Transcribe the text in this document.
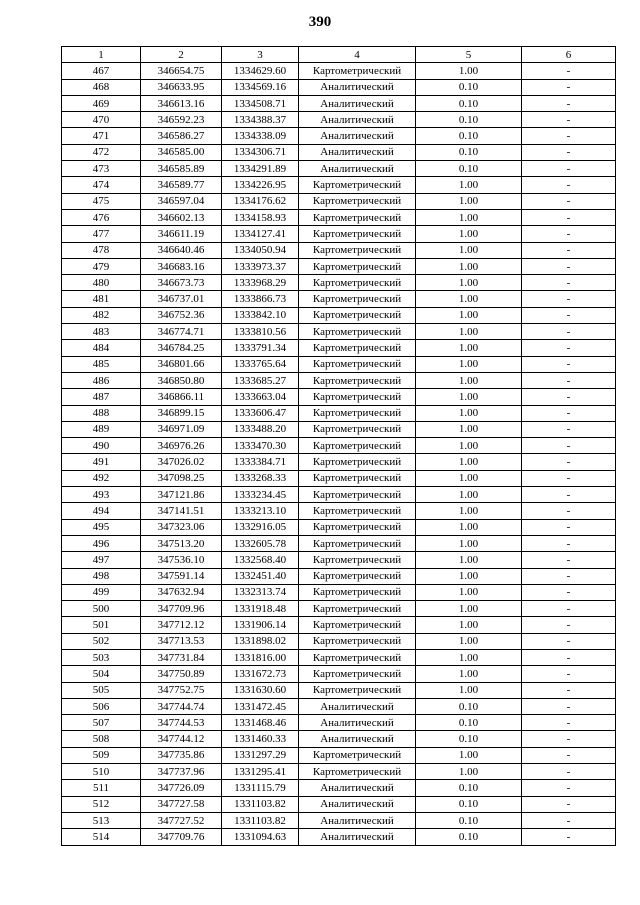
390
1	2	3	4	5	6
467	346654.75	1334629.60	Картометрический	1.00	-
468	346633.95	1334569.16	Аналитический	0.10	-
469	346613.16	1334508.71	Аналитический	0.10	-
470	346592.23	1334388.37	Аналитический	0.10	-
471	346586.27	1334338.09	Аналитический	0.10	-
472	346585.00	1334306.71	Аналитический	0.10	-
473	346585.89	1334291.89	Аналитический	0.10	-
474	346589.77	1334226.95	Картометрический	1.00	-
475	346597.04	1334176.62	Картометрический	1.00	-
476	346602.13	1334158.93	Картометрический	1.00	-
477	346611.19	1334127.41	Картометрический	1.00	-
478	346640.46	1334050.94	Картометрический	1.00	-
479	346683.16	1333973.37	Картометрический	1.00	-
480	346673.73	1333968.29	Картометрический	1.00	-
481	346737.01	1333866.73	Картометрический	1.00	-
482	346752.36	1333842.10	Картометрический	1.00	-
483	346774.71	1333810.56	Картометрический	1.00	-
484	346784.25	1333791.34	Картометрический	1.00	-
485	346801.66	1333765.64	Картометрический	1.00	-
486	346850.80	1333685.27	Картометрический	1.00	-
487	346866.11	1333663.04	Картометрический	1.00	-
488	346899.15	1333606.47	Картометрический	1.00	-
489	346971.09	1333488.20	Картометрический	1.00	-
490	346976.26	1333470.30	Картометрический	1.00	-
491	347026.02	1333384.71	Картометрический	1.00	-
492	347098.25	1333268.33	Картометрический	1.00	-
493	347121.86	1333234.45	Картометрический	1.00	-
494	347141.51	1333213.10	Картометрический	1.00	-
495	347323.06	1332916.05	Картометрический	1.00	-
496	347513.20	1332605.78	Картометрический	1.00	-
497	347536.10	1332568.40	Картометрический	1.00	-
498	347591.14	1332451.40	Картометрический	1.00	-
499	347632.94	1332313.74	Картометрический	1.00	-
500	347709.96	1331918.48	Картометрический	1.00	-
501	347712.12	1331906.14	Картометрический	1.00	-
502	347713.53	1331898.02	Картометрический	1.00	-
503	347731.84	1331816.00	Картометрический	1.00	-
504	347750.89	1331672.73	Картометрический	1.00	-
505	347752.75	1331630.60	Картометрический	1.00	-
506	347744.74	1331472.45	Аналитический	0.10	-
507	347744.53	1331468.46	Аналитический	0.10	-
508	347744.12	1331460.33	Аналитический	0.10	-
509	347735.86	1331297.29	Картометрический	1.00	-
510	347737.96	1331295.41	Картометрический	1.00	-
511	347726.09	1331115.79	Аналитический	0.10	-
512	347727.58	1331103.82	Аналитический	0.10	-
513	347727.52	1331103.82	Аналитический	0.10	-
514	347709.76	1331094.63	Аналитический	0.10	-
